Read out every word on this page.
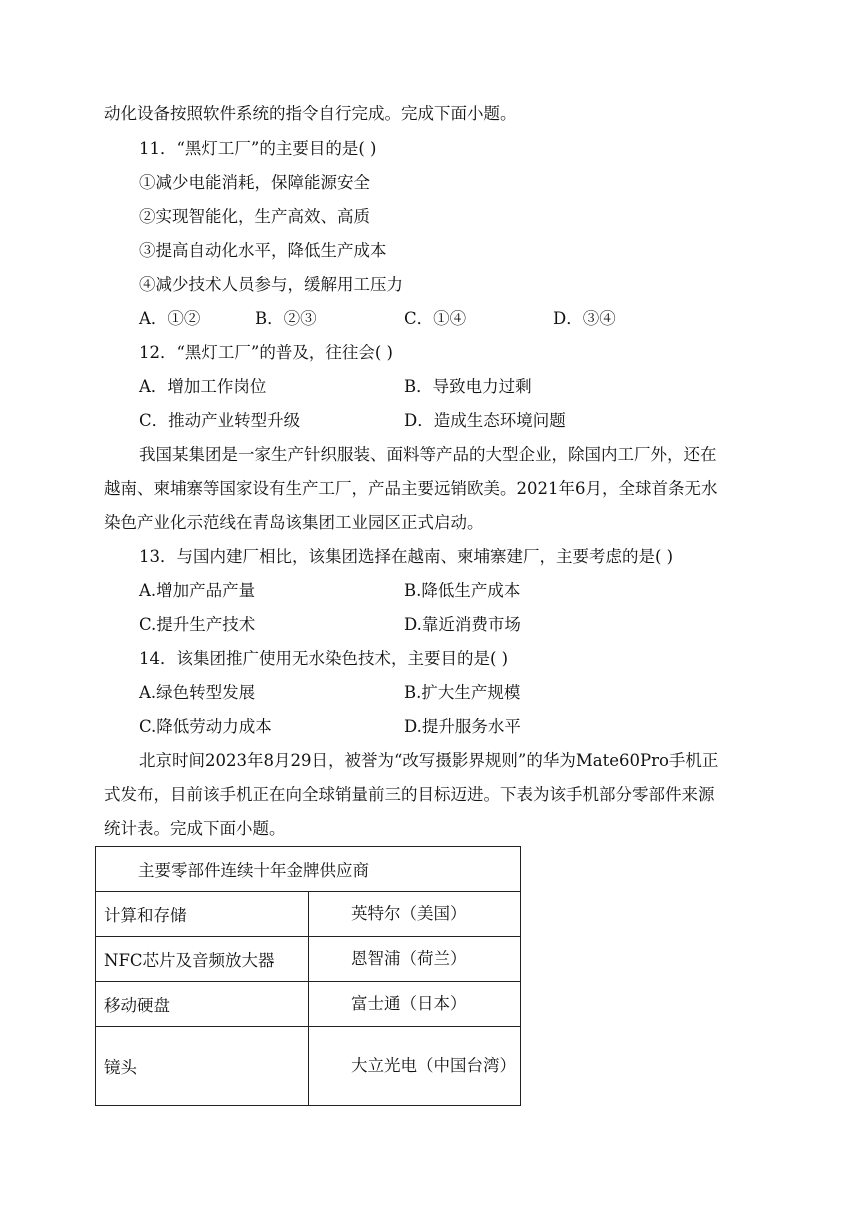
动化设备按照软件系统的指令自行完成。完成下面小题。
11．“黑灯工厂”的主要目的是( )
①减少电能消耗，保障能源安全
②实现智能化，生产高效、高质
③提高自动化水平，降低生产成本
④减少技术人员参与，缓解用工压力
A．①②	B．②③	C．①④	D．③④
12．“黑灯工厂”的普及，往往会( )
A．增加工作岗位	B．导致电力过剩
C．推动产业转型升级	D．造成生态环境问题
我国某集团是一家生产针织服装、面料等产品的大型企业，除国内工厂外，还在
越南、柬埔寨等国家设有生产工厂，产品主要远销欧美。2021年6月，全球首条无水
染色产业化示范线在青岛该集团工业园区正式启动。
13．与国内建厂相比，该集团选择在越南、柬埔寨建厂，主要考虑的是( )
A.增加产品产量	B.降低生产成本
C.提升生产技术	D.靠近消费市场
14．该集团推广使用无水染色技术，主要目的是( )
A.绿色转型发展	B.扩大生产规模
C.降低劳动力成本	D.提升服务水平
北京时间2023年8月29日，被誉为“改写摄影界规则”的华为Mate60Pro手机正
式发布，目前该手机正在向全球销量前三的目标迈进。下表为该手机部分零部件来源
统计表。完成下面小题。
主要零部件连续十年金牌供应商	
计算和存储	英特尔（美国）
NFC芯片及音频放大器	恩智浦（荷兰）
移动硬盘	富士通（日本）
镜头	大立光电（中国台湾）
